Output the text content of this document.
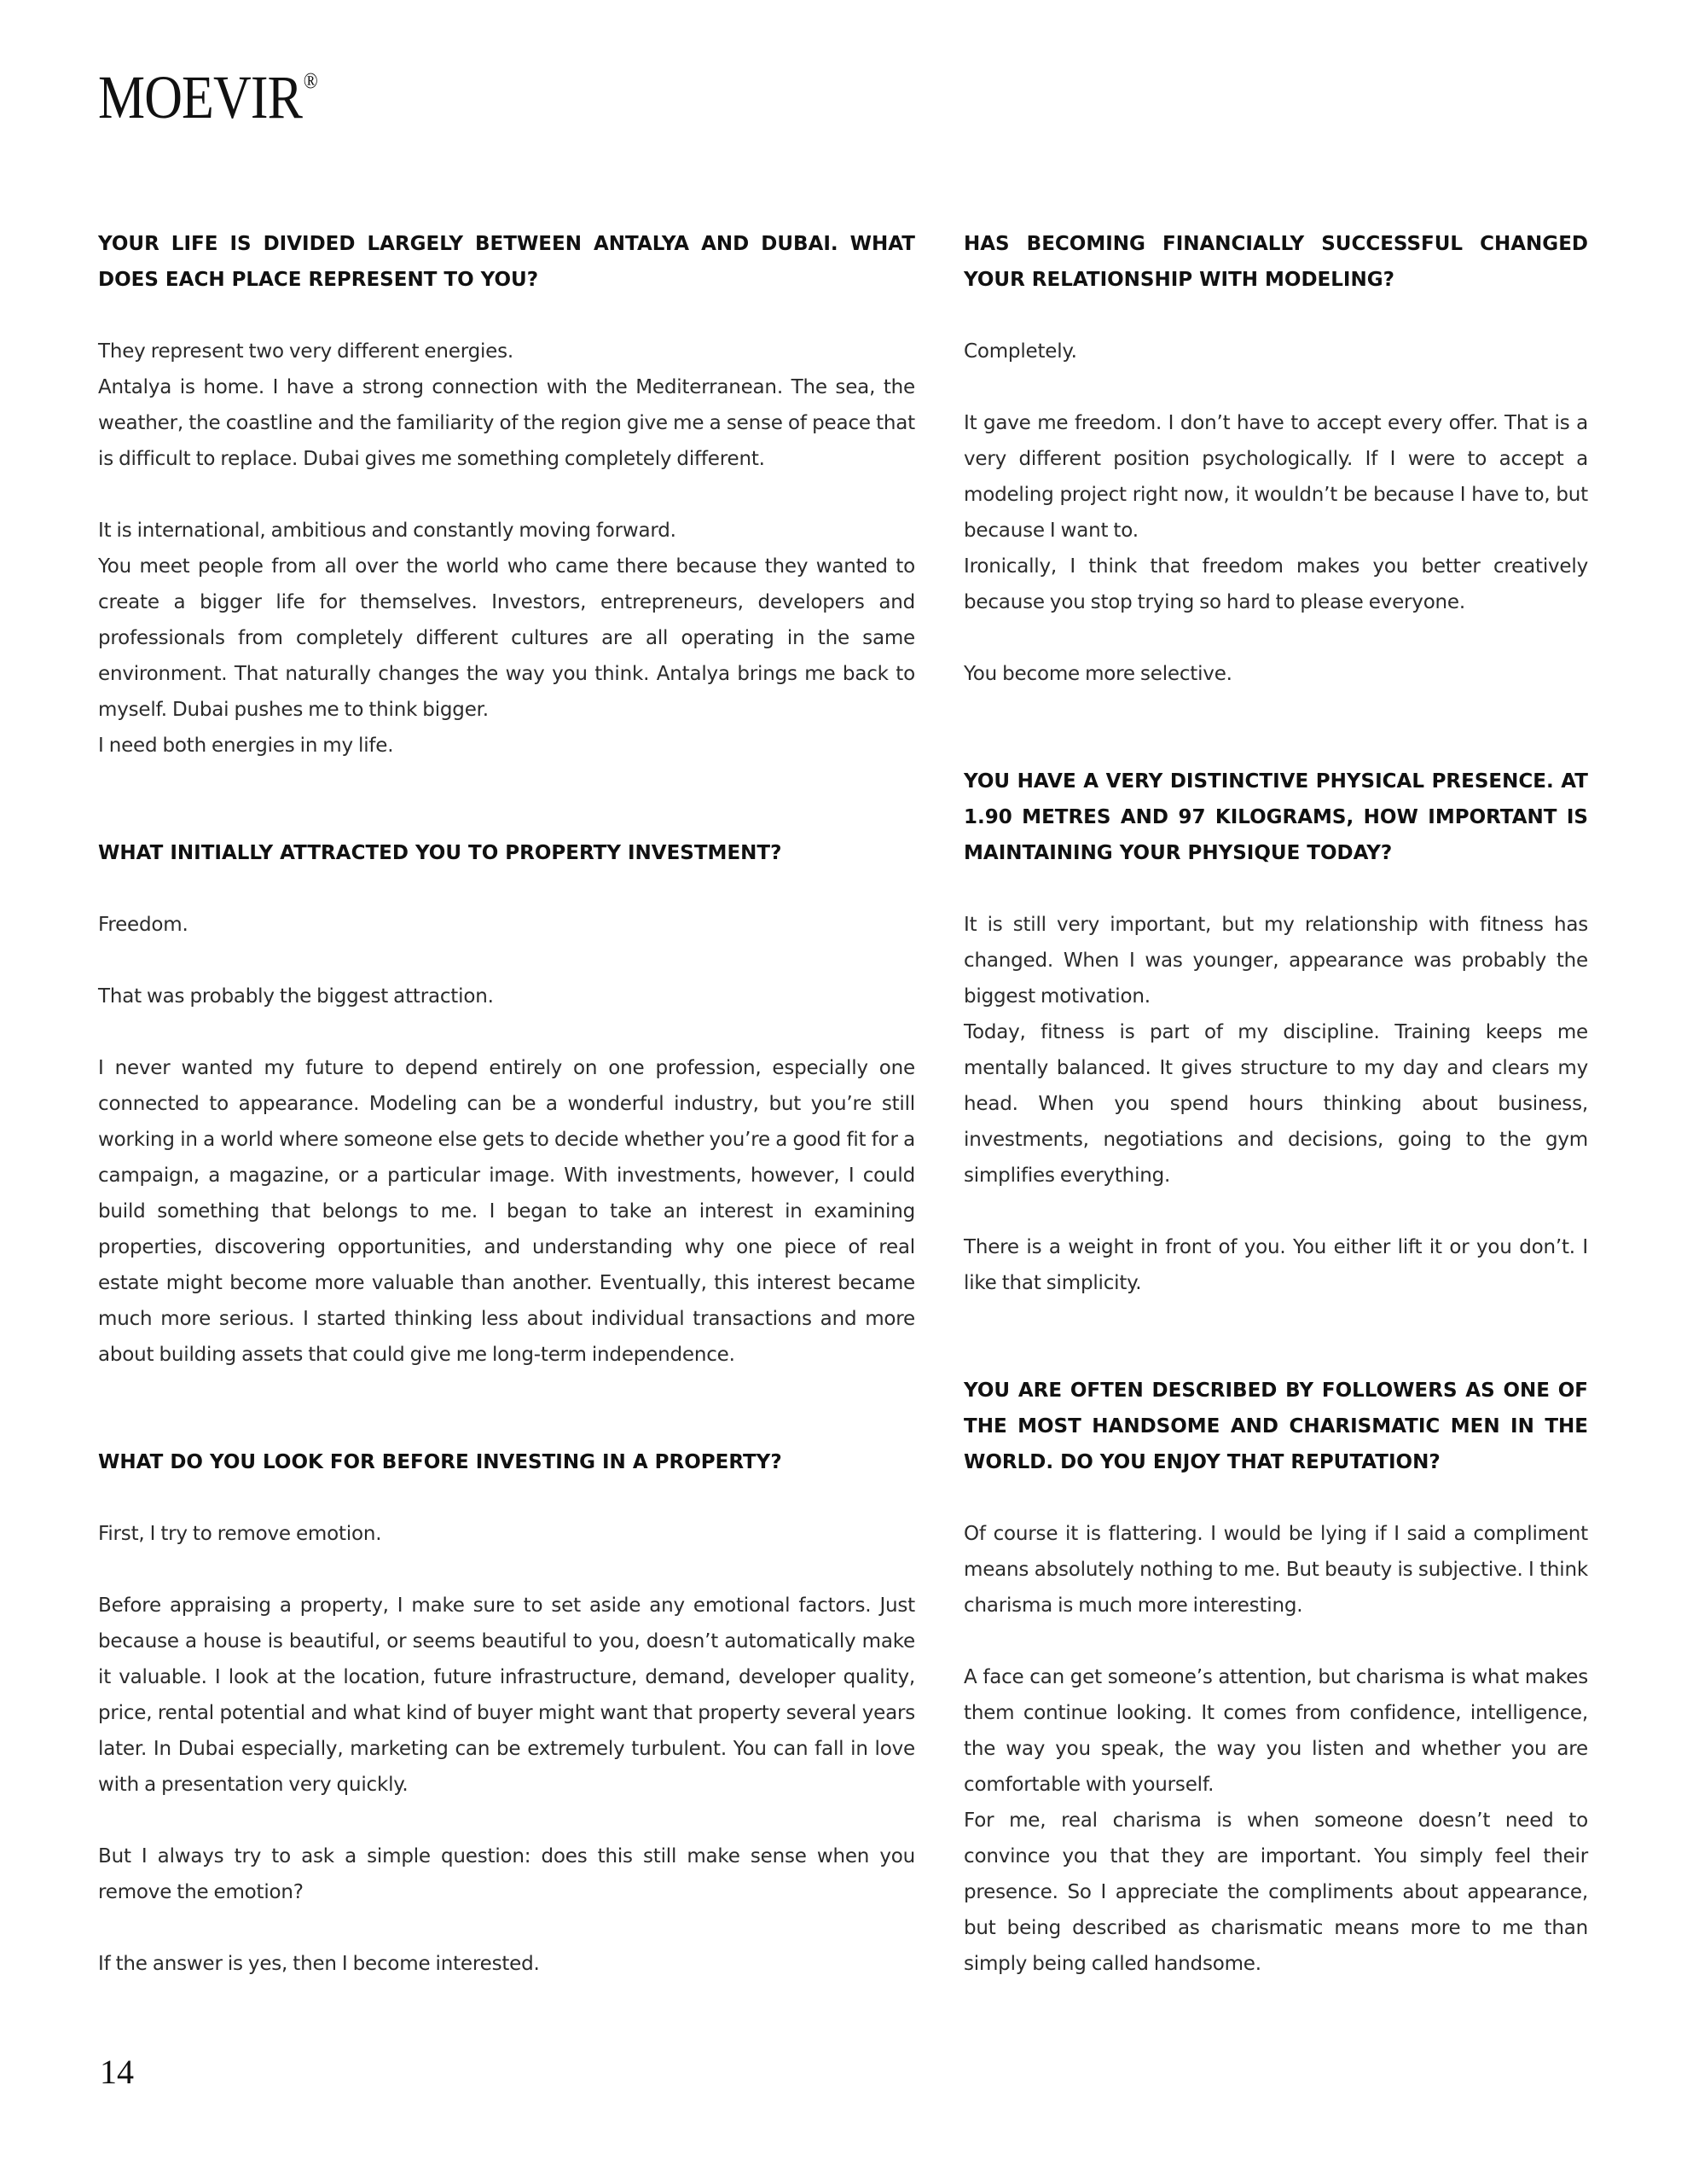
MOEVIR®

YOUR LIFE IS DIVIDED LARGELY BETWEEN ANTALYA AND DUBAI. WHAT DOES EACH PLACE REPRESENT TO YOU?

They represent two very different energies.

Antalya is home. I have a strong connection with the Mediterranean. The sea, the weather, the coastline and the familiarity of the region give me a sense of peace that is difficult to replace. Dubai gives me something completely different.

It is international, ambitious and constantly moving forward.

You meet people from all over the world who came there because they wanted to create a bigger life for themselves. Investors, entrepreneurs, developers and professionals from completely different cultures are all operating in the same environment. That naturally changes the way you think. Antalya brings me back to myself. Dubai pushes me to think bigger.

I need both energies in my life.

WHAT INITIALLY ATTRACTED YOU TO PROPERTY INVESTMENT?

Freedom.

That was probably the biggest attraction.

I never wanted my future to depend entirely on one profession, especially one connected to appearance. Modeling can be a wonderful industry, but you’re still working in a world where someone else gets to decide whether you’re a good fit for a campaign, a magazine, or a particular image. With investments, however, I could build something that belongs to me. I began to take an interest in examining properties, discovering opportunities, and understanding why one piece of real estate might become more valuable than another. Eventually, this interest became much more serious. I started thinking less about individual transactions and more about building assets that could give me long-term independence.

WHAT DO YOU LOOK FOR BEFORE INVESTING IN A PROPERTY?

First, I try to remove emotion.

Before appraising a property, I make sure to set aside any emotional factors. Just because a house is beautiful, or seems beautiful to you, doesn’t automatically make it valuable. I look at the location, future infrastructure, demand, developer quality, price, rental potential and what kind of buyer might want that property several years later. In Dubai especially, marketing can be extremely turbulent. You can fall in love with a presentation very quickly.

But I always try to ask a simple question: does this still make sense when you remove the emotion?

If the answer is yes, then I become interested.

HAS BECOMING FINANCIALLY SUCCESSFUL CHANGED YOUR RELATIONSHIP WITH MODELING?

Completely.

It gave me freedom. I don’t have to accept every offer. That is a very different position psychologically. If I were to accept a modeling project right now, it wouldn’t be because I have to, but because I want to.

Ironically, I think that freedom makes you better creatively because you stop trying so hard to please everyone.

You become more selective.

YOU HAVE A VERY DISTINCTIVE PHYSICAL PRESENCE. AT 1.90 METRES AND 97 KILOGRAMS, HOW IMPORTANT IS MAINTAINING YOUR PHYSIQUE TODAY?

It is still very important, but my relationship with fitness has changed. When I was younger, appearance was probably the biggest motivation.

Today, fitness is part of my discipline. Training keeps me mentally balanced. It gives structure to my day and clears my head. When you spend hours thinking about business, investments, negotiations and decisions, going to the gym simplifies everything.

There is a weight in front of you. You either lift it or you don’t. I like that simplicity.

YOU ARE OFTEN DESCRIBED BY FOLLOWERS AS ONE OF THE MOST HANDSOME AND CHARISMATIC MEN IN THE WORLD. DO YOU ENJOY THAT REPUTATION?

Of course it is flattering. I would be lying if I said a compliment means absolutely nothing to me. But beauty is subjective. I think charisma is much more interesting.

A face can get someone’s attention, but charisma is what makes them continue looking. It comes from confidence, intelligence, the way you speak, the way you listen and whether you are comfortable with yourself.

For me, real charisma is when someone doesn’t need to convince you that they are important. You simply feel their presence. So I appreciate the compliments about appearance, but being described as charismatic means more to me than simply being called handsome.

14
